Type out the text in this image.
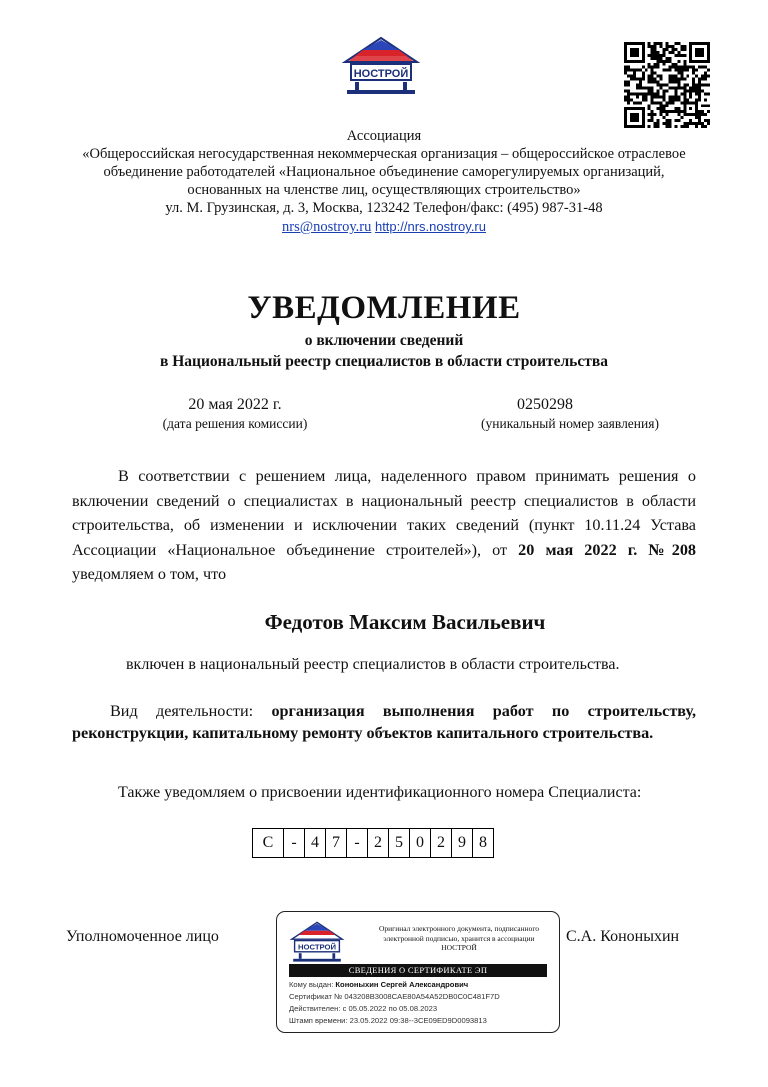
НОСТРОЙ
Ассоциация
«Общероссийская негосударственная некоммерческая организация – общероссийское отраслевое
объединение работодателей «Национальное объединение саморегулируемых организаций,
основанных на членстве лиц, осуществляющих строительство»
ул. М. Грузинская, д. 3, Москва, 123242 Телефон/факс: (495) 987-31-48
nrs@nostroy.ru http://nrs.nostroy.ru
УВЕДОМЛЕНИЕ
о включении сведений
в Национальный реестр специалистов в области строительства
20 мая 2022 г.
(дата решения комиссии)
0250298
(уникальный номер заявления)
В соответствии с решением лица, наделенного правом принимать решения о включении сведений о специалистах в национальный реестр специалистов в области строительства, об изменении и исключении таких сведений (пункт 10.11.24 Устава Ассоциации «Национальное объединение строителей»), от 20 мая 2022 г. №208 уведомляем о том, что
Федотов Максим Васильевич
включен в национальный реестр специалистов в области строительства.
Вид деятельности: организация выполнения работ по строительству, реконструкции, капитальному ремонту объектов капитального строительства.
Также уведомляем о присвоении идентификационного номера Специалиста:
С	-	4	7	-	2	5	0	2	9	8
Уполномоченное лицо	С.А. Кононыхин
НОСТРОЙ
Оригинал электронного документа, подписанного электронной подписью, хранится в ассоциации НОСТРОЙ
СВЕДЕНИЯ О СЕРТИФИКАТЕ ЭП
Кому выдан: Кононыхин Сергей Александрович
Сертификат № 043208B3008CAE80A54A52DB0C0C481F7D
Действителен: с 05.05.2022 по 05.08.2023
Штамп времени: 23.05.2022 09:38--3CE09ED9D0093813
